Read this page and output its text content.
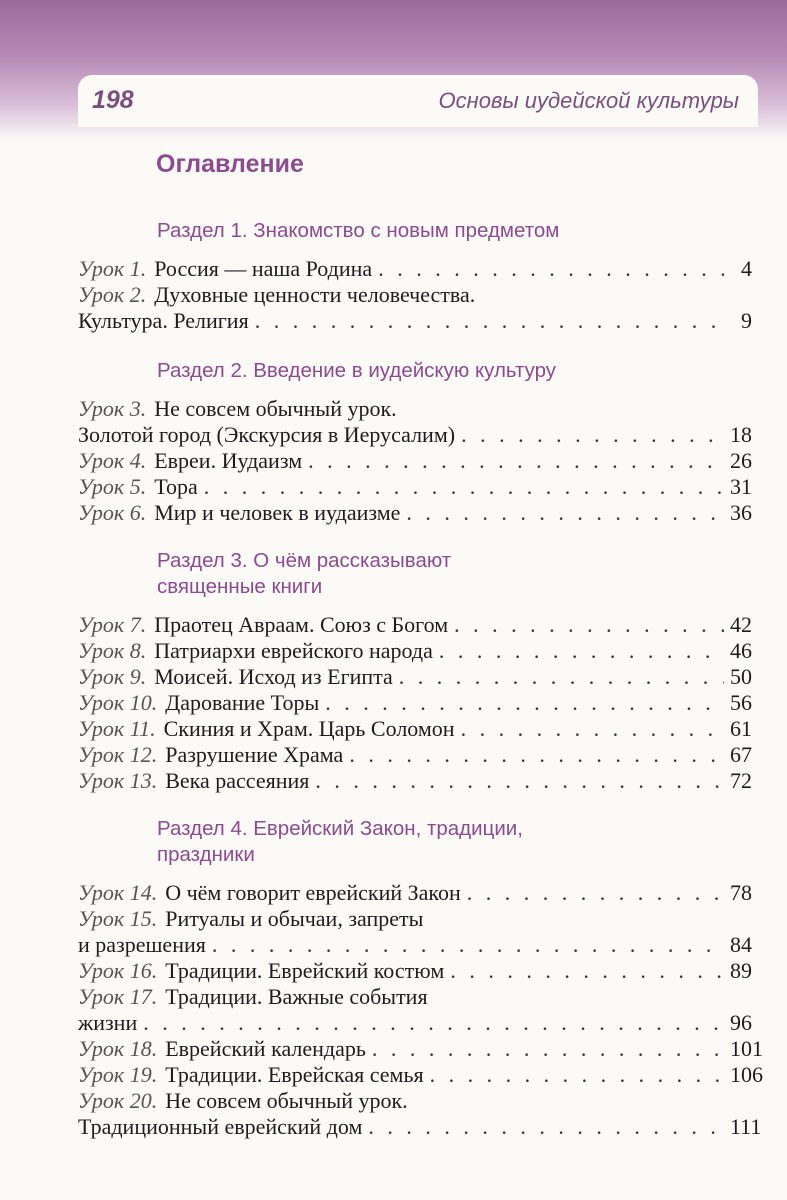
198	Основы иудейской культуры
Оглавление
Раздел 1. Знакомство с новым предметом
Раздел 2. Введение в иудейскую культуру
Раздел 3. О чём рассказывают
священные книги
Раздел 4. Еврейский Закон, традиции,
праздники
Урок 1. Россия — наша Родина . . .	4
Урок 2. Духовные ценности человечества.
Культура. Религия . . .	9
Урок 3. Не совсем обычный урок.
Золотой город (Экскурсия в Иерусалим) . . .	18
Урок 4. Евреи. Иудаизм . . .	26
Урок 5. Тора . . .	31
Урок 6. Мир и человек в иудаизме . . .	36
Урок 7. Праотец Авраам. Союз с Богом . . .	42
Урок 8. Патриархи еврейского народа . . .	46
Урок 9. Моисей. Исход из Египта . . .	50
Урок 10. Дарование Торы . . .	56
Урок 11. Скиния и Храм. Царь Соломон . . .	61
Урок 12. Разрушение Храма . . .	67
Урок 13. Века рассеяния . . .	72
Урок 14. О чём говорит еврейский Закон . . .	78
Урок 15. Ритуалы и обычаи, запреты
и разрешения . . .	84
Урок 16. Традиции. Еврейский костюм . . .	89
Урок 17. Традиции. Важные события
жизни . . .	96
Урок 18. Еврейский календарь . . .	101
Урок 19. Традиции. Еврейская семья . . .	106
Урок 20. Не совсем обычный урок.
Традиционный еврейский дом . . .	111
